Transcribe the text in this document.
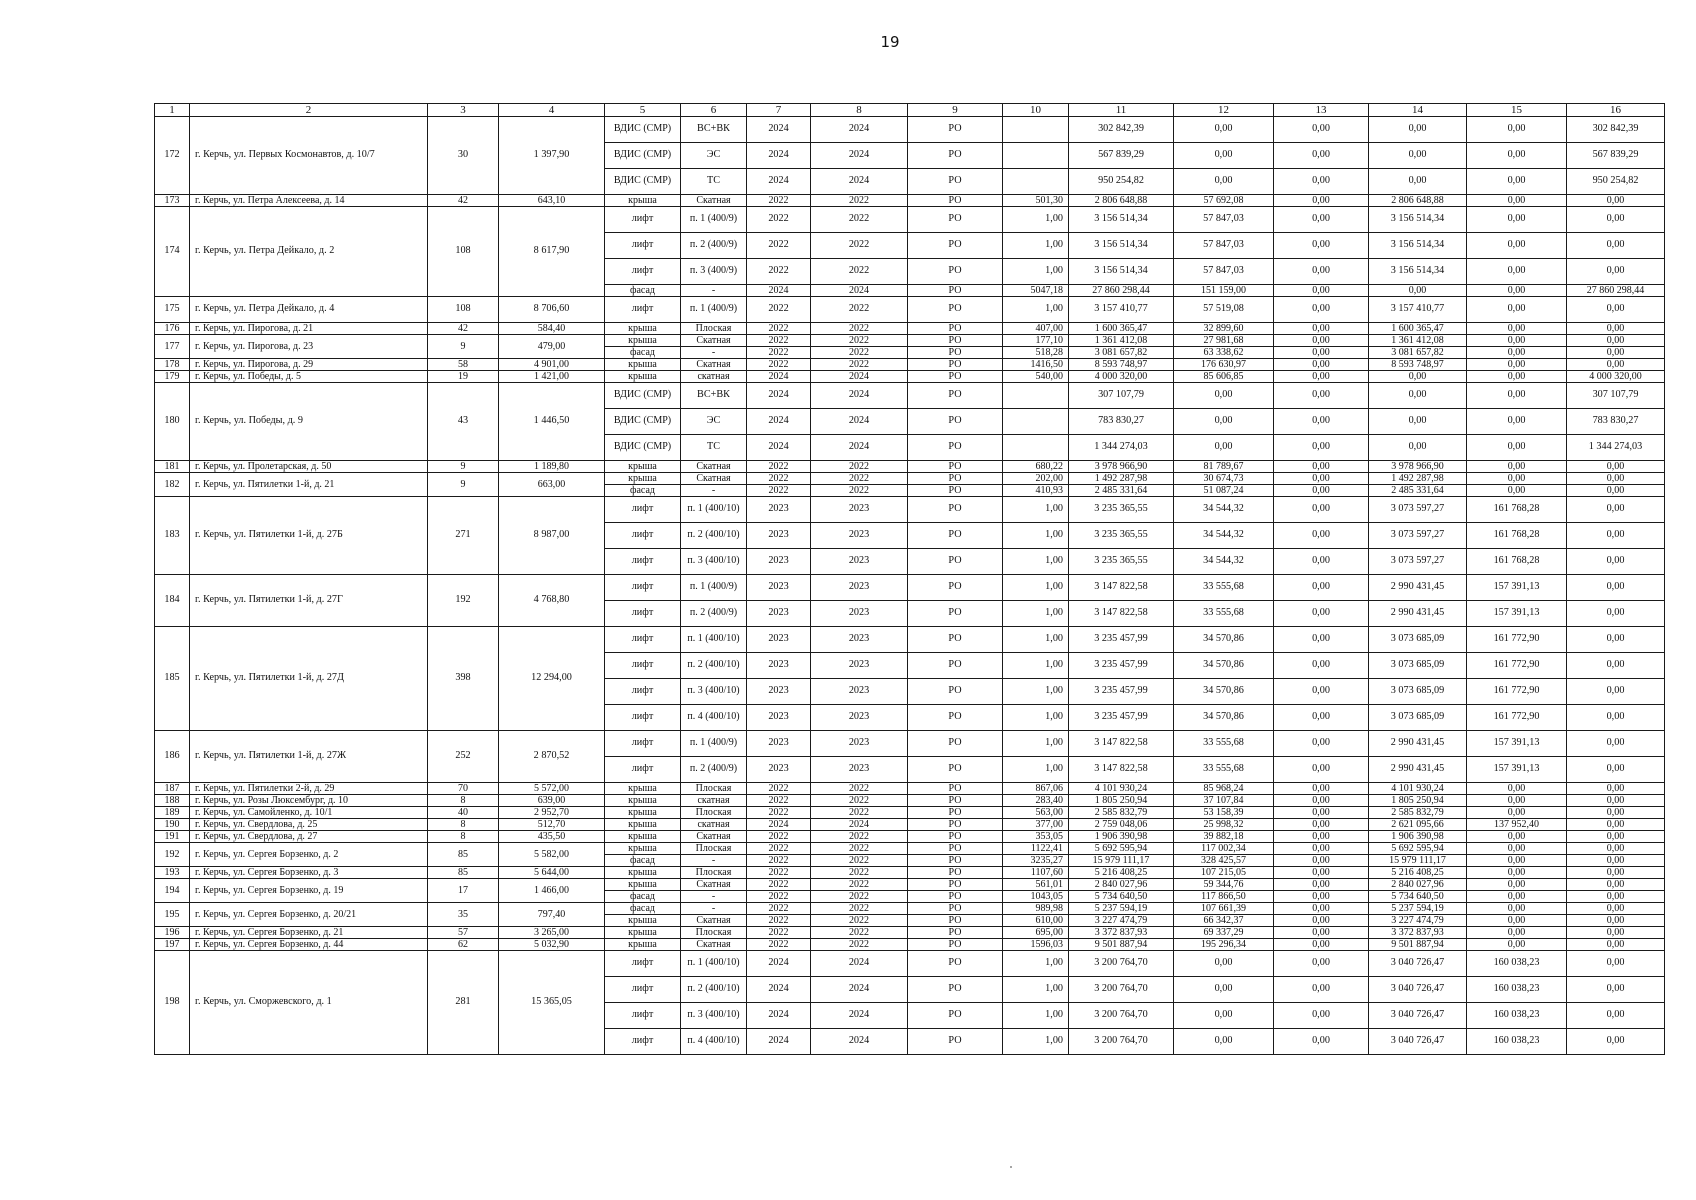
19
1	2	3	4	5	6	7	8	9	10	11	12	13	14	15	16
172	г. Керчь, ул. Первых Космонавтов, д. 10/7	30	1 397,90	ВДИС (СМР)	ВС+ВК	2024	2024	РО		302 842,39	0,00	0,00	0,00	0,00	302 842,39
				ВДИС (СМР)	ЭС	2024	2024	РО		567 839,29	0,00	0,00	0,00	0,00	567 839,29
				ВДИС (СМР)	ТС	2024	2024	РО		950 254,82	0,00	0,00	0,00	0,00	950 254,82
173	г. Керчь, ул. Петра Алексеева, д. 14	42	643,10	крыша	Скатная	2022	2022	РО	501,30	2 806 648,88	57 692,08	0,00	2 806 648,88	0,00	0,00
174	г. Керчь, ул. Петра Дейкало, д. 2	108	8 617,90	лифт	п. 1 (400/9)	2022	2022	РО	1,00	3 156 514,34	57 847,03	0,00	3 156 514,34	0,00	0,00
				лифт	п. 2 (400/9)	2022	2022	РО	1,00	3 156 514,34	57 847,03	0,00	3 156 514,34	0,00	0,00
				лифт	п. 3 (400/9)	2022	2022	РО	1,00	3 156 514,34	57 847,03	0,00	3 156 514,34	0,00	0,00
				фасад	-	2024	2024	РО	5047,18	27 860 298,44	151 159,00	0,00	0,00	0,00	27 860 298,44
175	г. Керчь, ул. Петра Дейкало, д. 4	108	8 706,60	лифт	п. 1 (400/9)	2022	2022	РО	1,00	3 157 410,77	57 519,08	0,00	3 157 410,77	0,00	0,00
176	г. Керчь, ул. Пирогова, д. 21	42	584,40	крыша	Плоская	2022	2022	РО	407,00	1 600 365,47	32 899,60	0,00	1 600 365,47	0,00	0,00
177	г. Керчь, ул. Пирогова, д. 23	9	479,00	крыша	Скатная	2022	2022	РО	177,10	1 361 412,08	27 981,68	0,00	1 361 412,08	0,00	0,00
				фасад	-	2022	2022	РО	518,28	3 081 657,82	63 338,62	0,00	3 081 657,82	0,00	0,00
178	г. Керчь, ул. Пирогова, д. 29	58	4 901,00	крыша	Скатная	2022	2022	РО	1416,50	8 593 748,97	176 630,97	0,00	8 593 748,97	0,00	0,00
179	г. Керчь, ул. Победы, д. 5	19	1 421,00	крыша	скатная	2024	2024	РО	540,00	4 000 320,00	85 606,85	0,00	0,00	0,00	4 000 320,00
180	г. Керчь, ул. Победы, д. 9	43	1 446,50	ВДИС (СМР)	ВС+ВК	2024	2024	РО		307 107,79	0,00	0,00	0,00	0,00	307 107,79
				ВДИС (СМР)	ЭС	2024	2024	РО		783 830,27	0,00	0,00	0,00	0,00	783 830,27
				ВДИС (СМР)	ТС	2024	2024	РО		1 344 274,03	0,00	0,00	0,00	0,00	1 344 274,03
181	г. Керчь, ул. Пролетарская, д. 50	9	1 189,80	крыша	Скатная	2022	2022	РО	680,22	3 978 966,90	81 789,67	0,00	3 978 966,90	0,00	0,00
182	г. Керчь, ул. Пятилетки 1-й, д. 21	9	663,00	крыша	Скатная	2022	2022	РО	202,00	1 492 287,98	30 674,73	0,00	1 492 287,98	0,00	0,00
				фасад	-	2022	2022	РО	410,93	2 485 331,64	51 087,24	0,00	2 485 331,64	0,00	0,00
183	г. Керчь, ул. Пятилетки 1-й, д. 27Б	271	8 987,00	лифт	п. 1 (400/10)	2023	2023	РО	1,00	3 235 365,55	34 544,32	0,00	3 073 597,27	161 768,28	0,00
				лифт	п. 2 (400/10)	2023	2023	РО	1,00	3 235 365,55	34 544,32	0,00	3 073 597,27	161 768,28	0,00
				лифт	п. 3 (400/10)	2023	2023	РО	1,00	3 235 365,55	34 544,32	0,00	3 073 597,27	161 768,28	0,00
184	г. Керчь, ул. Пятилетки 1-й, д. 27Г	192	4 768,80	лифт	п. 1 (400/9)	2023	2023	РО	1,00	3 147 822,58	33 555,68	0,00	2 990 431,45	157 391,13	0,00
				лифт	п. 2 (400/9)	2023	2023	РО	1,00	3 147 822,58	33 555,68	0,00	2 990 431,45	157 391,13	0,00
185	г. Керчь, ул. Пятилетки 1-й, д. 27Д	398	12 294,00	лифт	п. 1 (400/10)	2023	2023	РО	1,00	3 235 457,99	34 570,86	0,00	3 073 685,09	161 772,90	0,00
				лифт	п. 2 (400/10)	2023	2023	РО	1,00	3 235 457,99	34 570,86	0,00	3 073 685,09	161 772,90	0,00
				лифт	п. 3 (400/10)	2023	2023	РО	1,00	3 235 457,99	34 570,86	0,00	3 073 685,09	161 772,90	0,00
				лифт	п. 4 (400/10)	2023	2023	РО	1,00	3 235 457,99	34 570,86	0,00	3 073 685,09	161 772,90	0,00
186	г. Керчь, ул. Пятилетки 1-й, д. 27Ж	252	2 870,52	лифт	п. 1 (400/9)	2023	2023	РО	1,00	3 147 822,58	33 555,68	0,00	2 990 431,45	157 391,13	0,00
				лифт	п. 2 (400/9)	2023	2023	РО	1,00	3 147 822,58	33 555,68	0,00	2 990 431,45	157 391,13	0,00
187	г. Керчь, ул. Пятилетки 2-й, д. 29	70	5 572,00	крыша	Плоская	2022	2022	РО	867,06	4 101 930,24	85 968,24	0,00	4 101 930,24	0,00	0,00
188	г. Керчь, ул. Розы Люксембург, д. 10	8	639,00	крыша	скатная	2022	2022	РО	283,40	1 805 250,94	37 107,84	0,00	1 805 250,94	0,00	0,00
189	г. Керчь, ул. Самойленко, д. 10/1	40	2 952,70	крыша	Плоская	2022	2022	РО	563,00	2 585 832,79	53 158,39	0,00	2 585 832,79	0,00	0,00
190	г. Керчь, ул. Свердлова, д. 25	8	512,70	крыша	скатная	2024	2024	РО	377,00	2 759 048,06	25 998,32	0,00	2 621 095,66	137 952,40	0,00
191	г. Керчь, ул. Свердлова, д. 27	8	435,50	крыша	Скатная	2022	2022	РО	353,05	1 906 390,98	39 882,18	0,00	1 906 390,98	0,00	0,00
192	г. Керчь, ул. Сергея Борзенко, д. 2	85	5 582,00	крыша	Плоская	2022	2022	РО	1122,41	5 692 595,94	117 002,34	0,00	5 692 595,94	0,00	0,00
				фасад	-	2022	2022	РО	3235,27	15 979 111,17	328 425,57	0,00	15 979 111,17	0,00	0,00
193	г. Керчь, ул. Сергея Борзенко, д. 3	85	5 644,00	крыша	Плоская	2022	2022	РО	1107,60	5 216 408,25	107 215,05	0,00	5 216 408,25	0,00	0,00
194	г. Керчь, ул. Сергея Борзенко, д. 19	17	1 466,00	крыша	Скатная	2022	2022	РО	561,01	2 840 027,96	59 344,76	0,00	2 840 027,96	0,00	0,00
				фасад	-	2022	2022	РО	1043,05	5 734 640,50	117 866,50	0,00	5 734 640,50	0,00	0,00
195	г. Керчь, ул. Сергея Борзенко, д. 20/21	35	797,40	фасад	-	2022	2022	РО	989,98	5 237 594,19	107 661,39	0,00	5 237 594,19	0,00	0,00
				крыша	Скатная	2022	2022	РО	610,00	3 227 474,79	66 342,37	0,00	3 227 474,79	0,00	0,00
196	г. Керчь, ул. Сергея Борзенко, д. 21	57	3 265,00	крыша	Плоская	2022	2022	РО	695,00	3 372 837,93	69 337,29	0,00	3 372 837,93	0,00	0,00
197	г. Керчь, ул. Сергея Борзенко, д. 44	62	5 032,90	крыша	Скатная	2022	2022	РО	1596,03	9 501 887,94	195 296,34	0,00	9 501 887,94	0,00	0,00
198	г. Керчь, ул. Сморжевского, д. 1	281	15 365,05	лифт	п. 1 (400/10)	2024	2024	РО	1,00	3 200 764,70	0,00	0,00	3 040 726,47	160 038,23	0,00
				лифт	п. 2 (400/10)	2024	2024	РО	1,00	3 200 764,70	0,00	0,00	3 040 726,47	160 038,23	0,00
				лифт	п. 3 (400/10)	2024	2024	РО	1,00	3 200 764,70	0,00	0,00	3 040 726,47	160 038,23	0,00
				лифт	п. 4 (400/10)	2024	2024	РО	1,00	3 200 764,70	0,00	0,00	3 040 726,47	160 038,23	0,00
